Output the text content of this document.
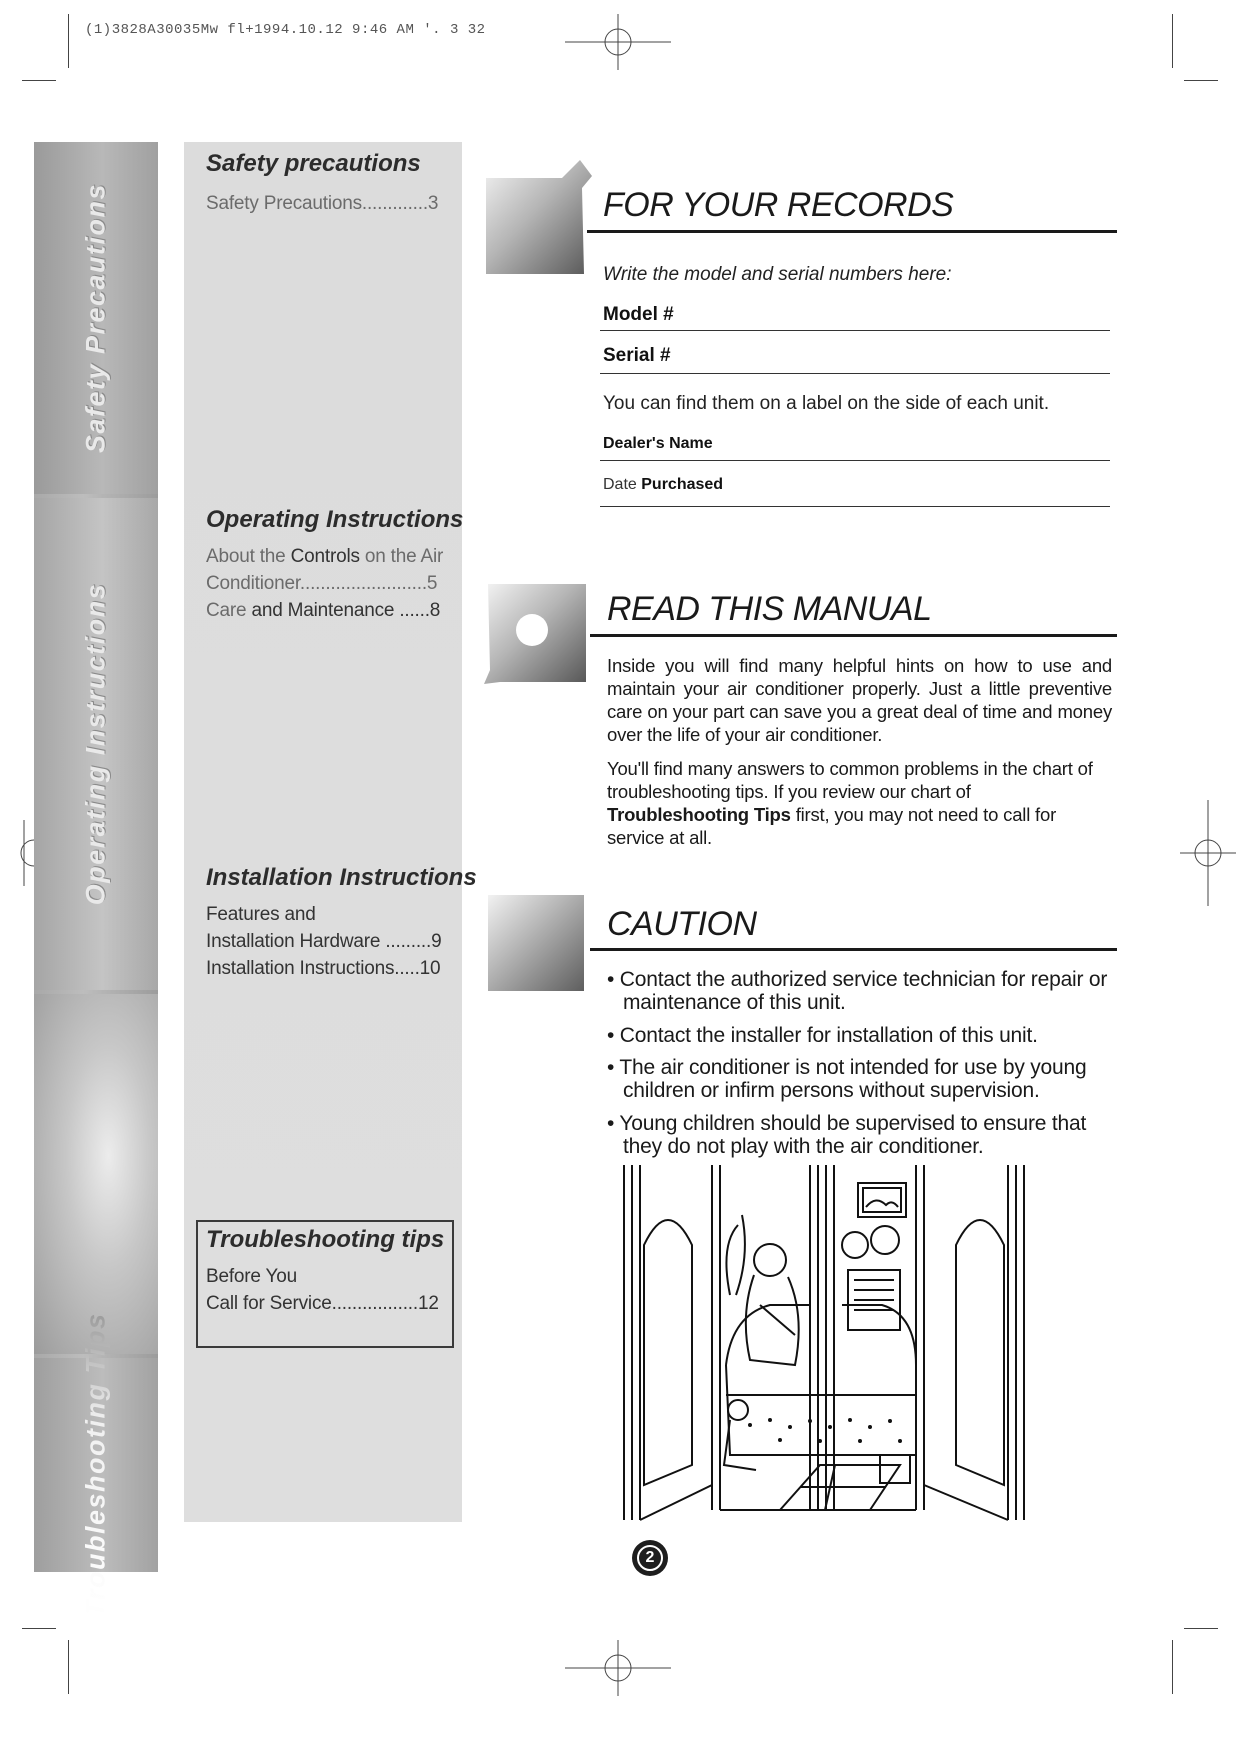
(1)3828A30035Mw fl+1994.10.12 9:46 AM '. 3 32
Safety Precautions
Operating Instructions
Troubleshooting Tips
Safety precautions
Safety Precautions.............3
Operating Instructions
About the Controls on the Air
Conditioner.........................5
Care and Maintenance ......8
Installation Instructions
Features and
Installation Hardware .........9
Installation Instructions.....10
Troubleshooting tips
Before You
Call for Service.................12
FOR YOUR RECORDS
Write the model and serial numbers here:
Model #
Serial #
You can find them on a label on the side of each unit.
Dealer's Name
Date Purchased
READ THIS MANUAL
Inside you will find many helpful hints on how to use and maintain your air conditioner properly. Just a little preventive care on your part can save you a great deal of time and money over the life of your air conditioner.
You'll find many answers to common problems in the chart of troubleshooting tips. If you review our chart of Troubleshooting Tips first, you may not need to call for service at all.
CAUTION
• Contact the authorized service technician for repair or maintenance of this unit.
• Contact the installer for installation of this unit.
• The air conditioner is not intended for use by young children or infirm persons without supervision.
• Young children should be supervised to ensure that they do not play with the air conditioner.
2
